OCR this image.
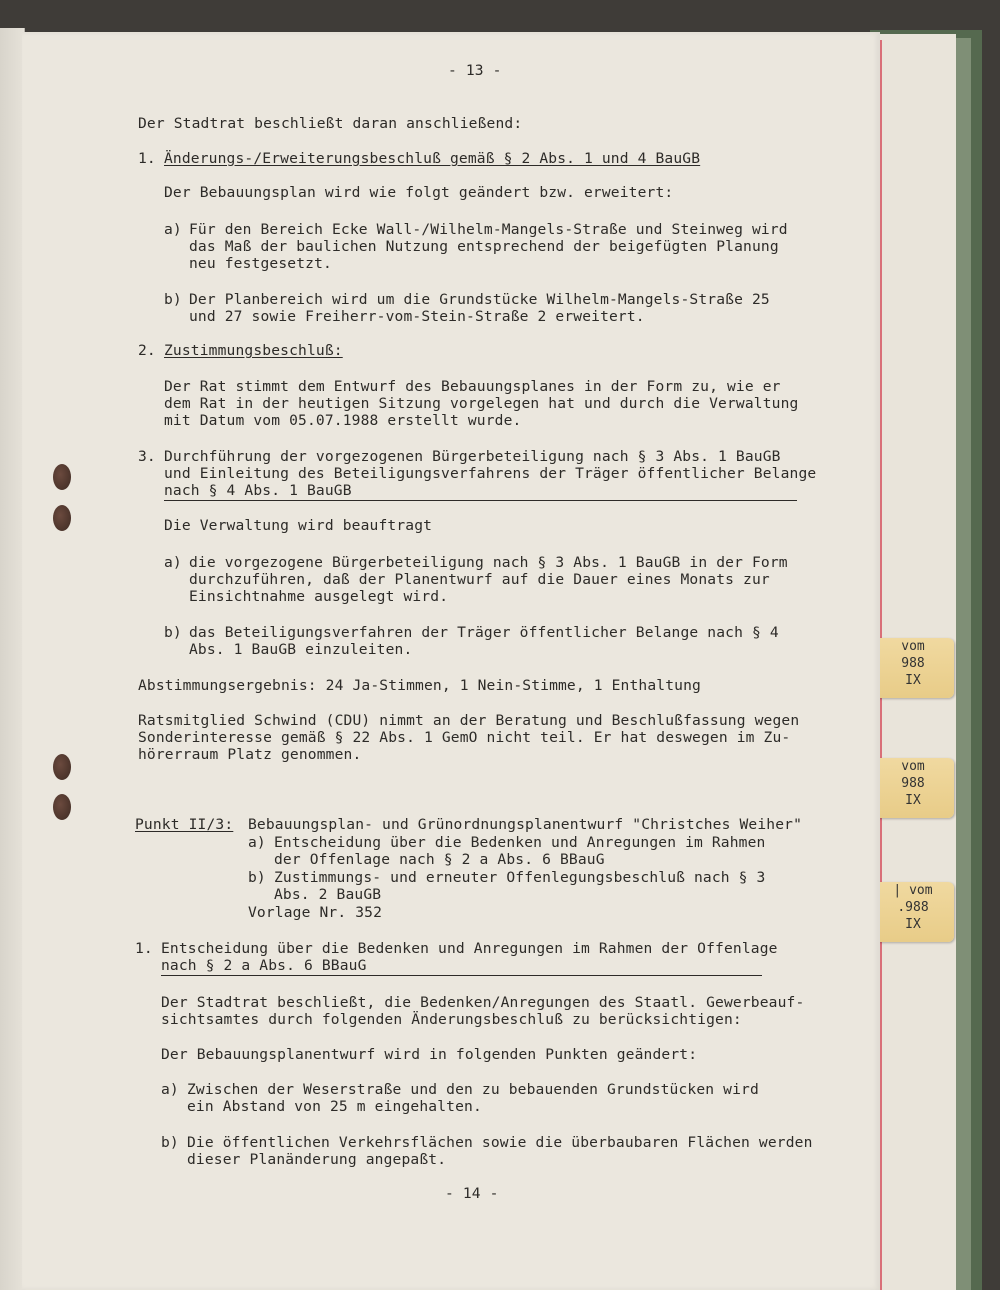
vom
988
IX
vom
988
IX
| vom
.988
IX
- 13 -
Der Stadtrat beschließt daran anschließend:
1. Änderungs-/Erweiterungsbeschluß gemäß § 2 Abs. 1 und 4 BauGB
Der Bebauungsplan wird wie folgt geändert bzw. erweitert:
a) Für den Bereich Ecke Wall-/Wilhelm-Mangels-Straße und Steinweg wird
das Maß der baulichen Nutzung entsprechend der beigefügten Planung
neu festgesetzt.
b) Der Planbereich wird um die Grundstücke Wilhelm-Mangels-Straße 25
und 27 sowie Freiherr-vom-Stein-Straße 2 erweitert.
2. Zustimmungsbeschluß:
Der Rat stimmt dem Entwurf des Bebauungsplanes in der Form zu, wie er
dem Rat in der heutigen Sitzung vorgelegen hat und durch die Verwaltung
mit Datum vom 05.07.1988 erstellt wurde.
3. Durchführung der vorgezogenen Bürgerbeteiligung nach § 3 Abs. 1 BauGB
und Einleitung des Beteiligungsverfahrens der Träger öffentlicher Belange
nach § 4 Abs. 1 BauGB
Die Verwaltung wird beauftragt
a) die vorgezogene Bürgerbeteiligung nach § 3 Abs. 1 BauGB in der Form
durchzuführen, daß der Planentwurf auf die Dauer eines Monats zur
Einsichtnahme ausgelegt wird.
b) das Beteiligungsverfahren der Träger öffentlicher Belange nach § 4
Abs. 1 BauGB einzuleiten.
Abstimmungsergebnis: 24 Ja-Stimmen, 1 Nein-Stimme, 1 Enthaltung
Ratsmitglied Schwind (CDU) nimmt an der Beratung und Beschlußfassung wegen
Sonderinteresse gemäß § 22 Abs. 1 GemO nicht teil. Er hat deswegen im Zu-
hörerraum Platz genommen.
Punkt II/3: Bebauungsplan- und Grünordnungsplanentwurf "Christches Weiher"
a) Entscheidung über die Bedenken und Anregungen im Rahmen
der Offenlage nach § 2 a Abs. 6 BBauG
b) Zustimmungs- und erneuter Offenlegungsbeschluß nach § 3
Abs. 2 BauGB
Vorlage Nr. 352
1. Entscheidung über die Bedenken und Anregungen im Rahmen der Offenlage
nach § 2 a Abs. 6 BBauG
Der Stadtrat beschließt, die Bedenken/Anregungen des Staatl. Gewerbeauf-
sichtsamtes durch folgenden Änderungsbeschluß zu berücksichtigen:
Der Bebauungsplanentwurf wird in folgenden Punkten geändert:
a) Zwischen der Weserstraße und den zu bebauenden Grundstücken wird
ein Abstand von 25 m eingehalten.
b) Die öffentlichen Verkehrsflächen sowie die überbaubaren Flächen werden
dieser Planänderung angepaßt.
- 14 -
